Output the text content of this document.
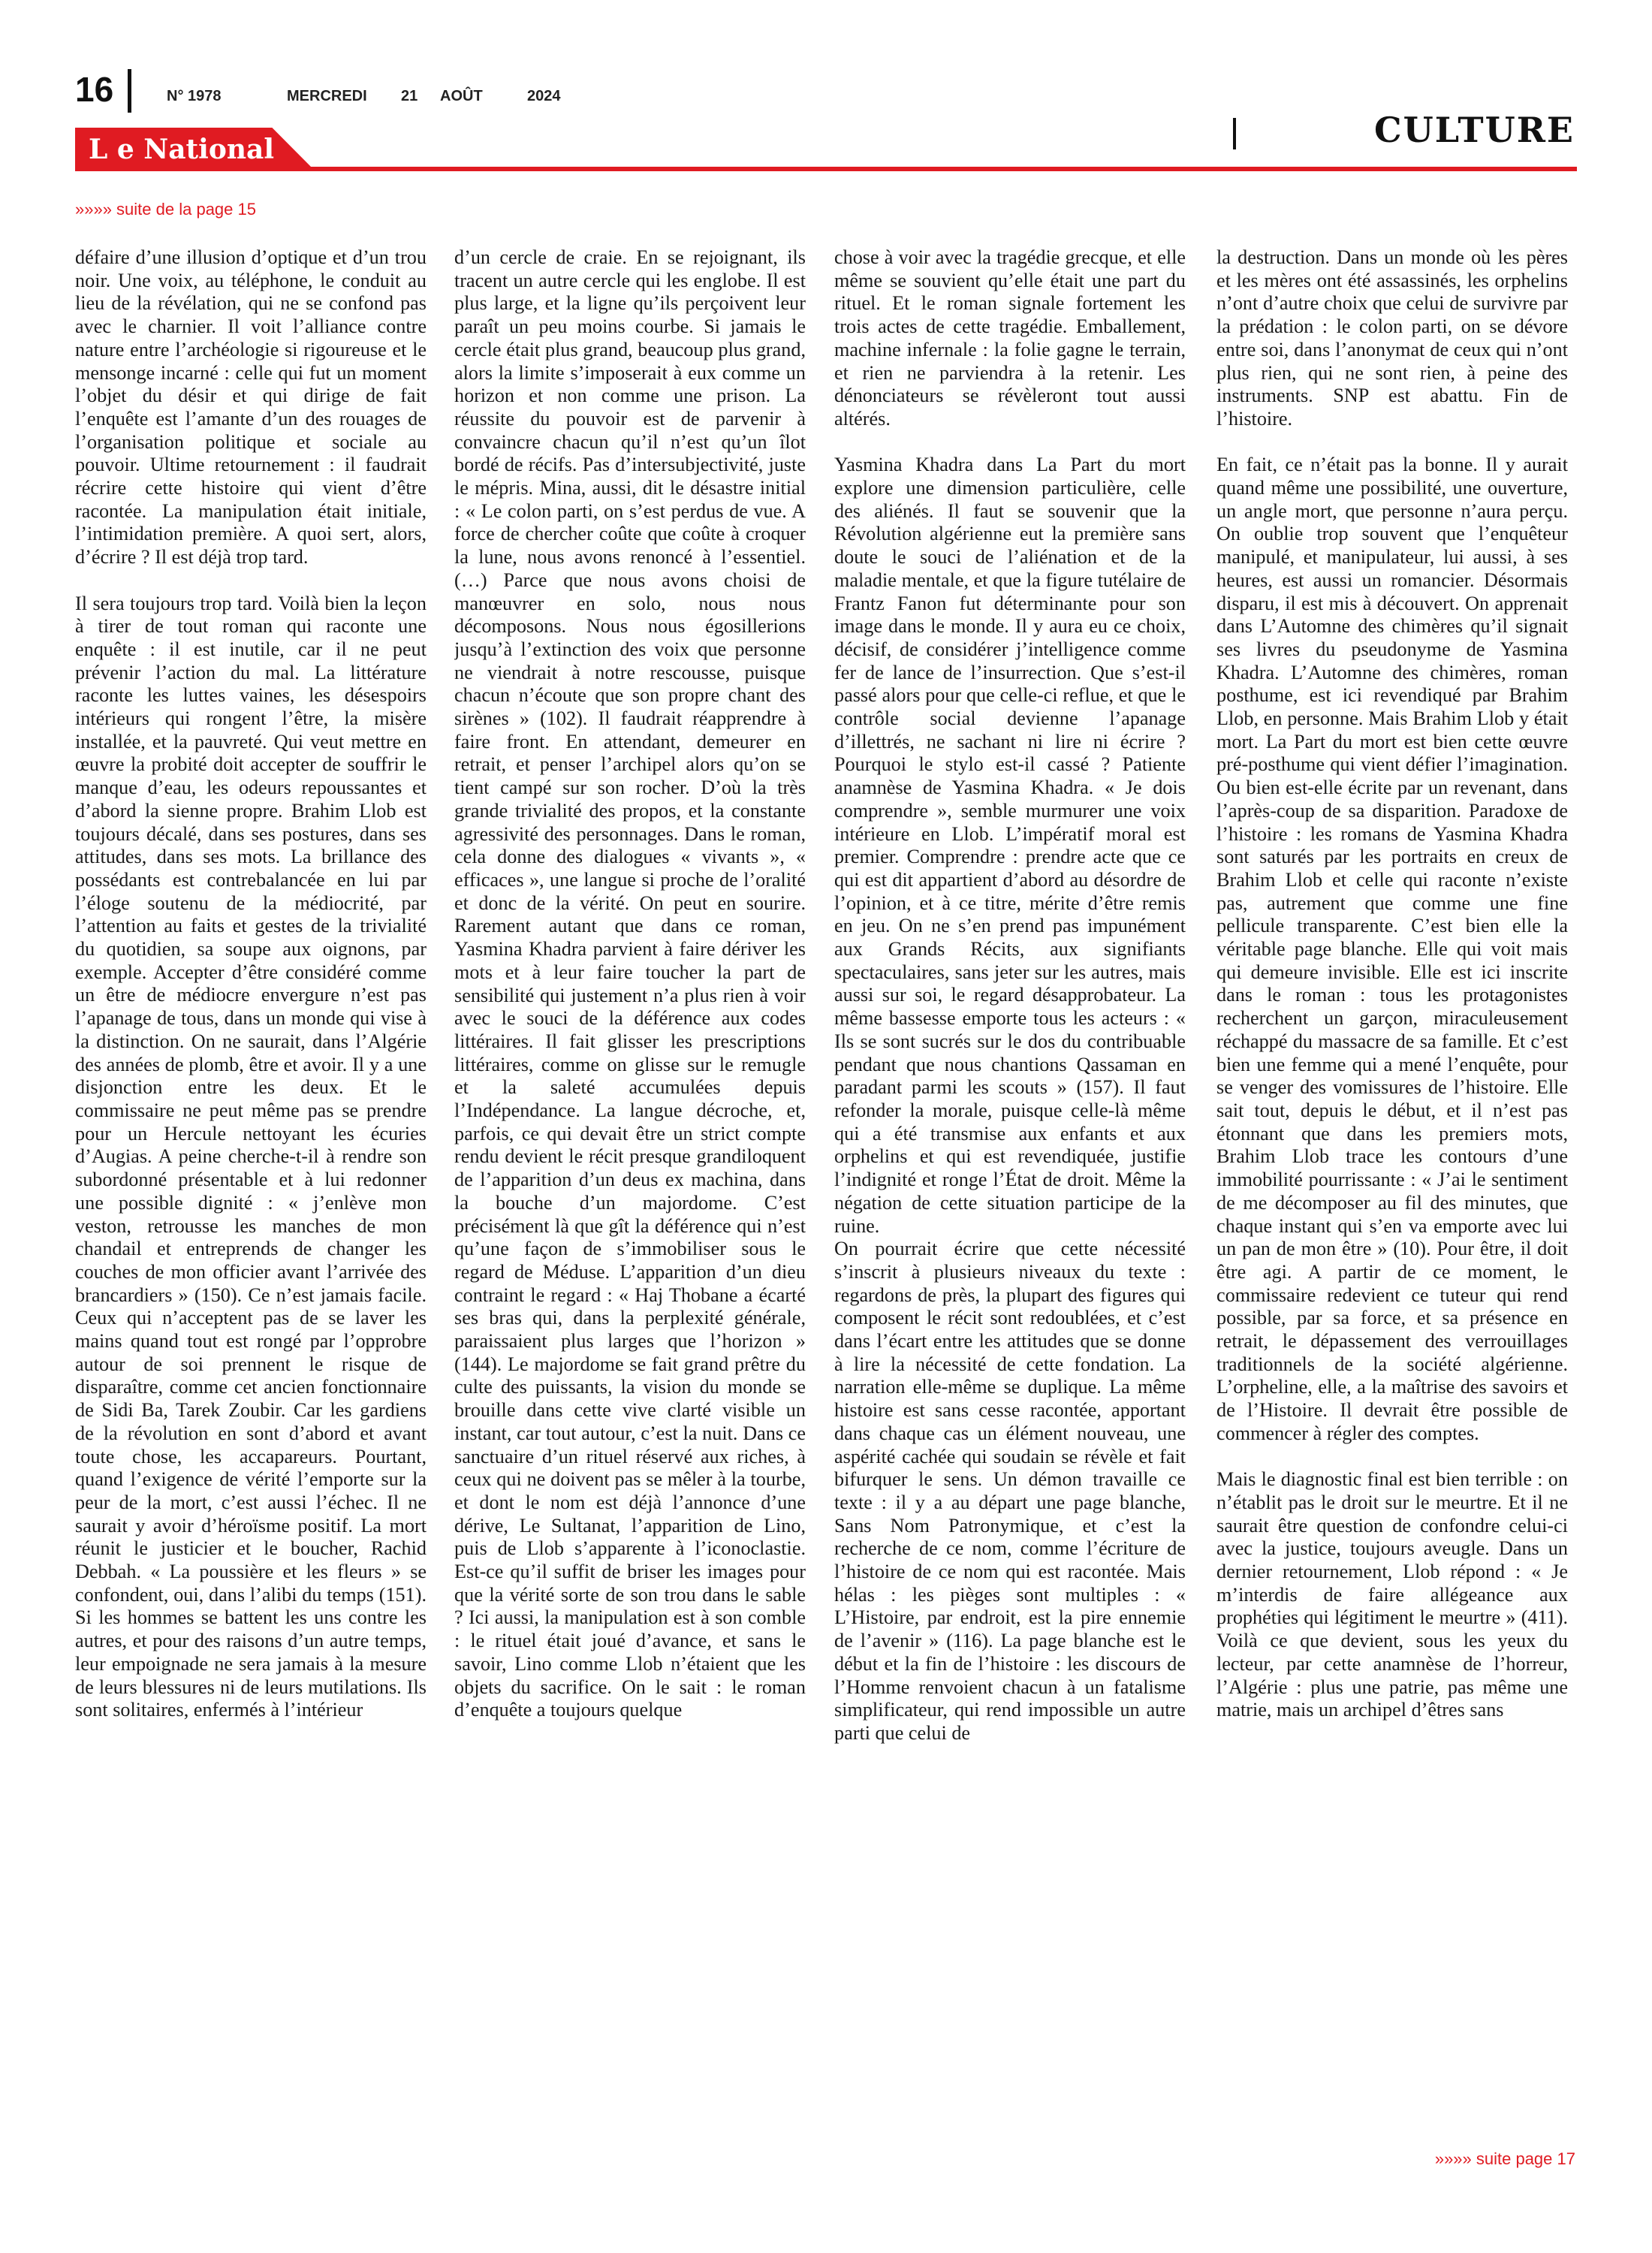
16	N° 1978	MERCREDI 21 AOÛT	2024
CULTURE
L e National
»»»» suite de la page 15

défaire d’une illusion d’optique et d’un trou noir. Une voix, au téléphone, le conduit au lieu de la révélation, qui ne se confond pas avec le charnier. Il voit l’alliance contre nature entre l’archéologie si rigoureuse et le mensonge incarné : celle qui fut un moment l’objet du désir et qui dirige de fait l’enquête est l’amante d’un des rouages de l’organisation politique et sociale au pouvoir. Ultime retournement : il faudrait récrire cette histoire qui vient d’être racontée. La manipulation était initiale, l’intimidation première. A quoi sert, alors, d’écrire ? Il est déjà trop tard.

Il sera toujours trop tard. Voilà bien la leçon à tirer de tout roman qui raconte une enquête : il est inutile, car il ne peut prévenir l’action du mal. La littérature raconte les luttes vaines, les désespoirs intérieurs qui rongent l’être, la misère installée, et la pauvreté. Qui veut mettre en œuvre la probité doit accepter de souffrir le manque d’eau, les odeurs repoussantes et d’abord la sienne propre. Brahim Llob est toujours décalé, dans ses postures, dans ses attitudes, dans ses mots. La brillance des possédants est contrebalancée en lui par l’éloge soutenu de la médiocrité, par l’attention au faits et gestes de la trivialité du quotidien, sa soupe aux oignons, par exemple. Accepter d’être considéré comme un être de médiocre envergure n’est pas l’apanage de tous, dans un monde qui vise à la distinction. On ne saurait, dans l’Algérie des années de plomb, être et avoir. Il y a une disjonction entre les deux. Et le commissaire ne peut même pas se prendre pour un Hercule nettoyant les écuries d’Augias. A peine cherche-t-il à rendre son subordonné présentable et à lui redonner une possible dignité : « j’enlève mon veston, retrousse les manches de mon chandail et entreprends de changer les couches de mon officier avant l’arrivée des brancardiers » (150). Ce n’est jamais facile. Ceux qui n’acceptent pas de se laver les mains quand tout est rongé par l’opprobre autour de soi prennent le risque de disparaître, comme cet ancien fonctionnaire de Sidi Ba, Tarek Zoubir. Car les gardiens de la révolution en sont d’abord et avant toute chose, les accapareurs. Pourtant, quand l’exigence de vérité l’emporte sur la peur de la mort, c’est aussi l’échec. Il ne saurait y avoir d’héroïsme positif. La mort réunit le justicier et le boucher, Rachid Debbah. « La poussière et les fleurs » se confondent, oui, dans l’alibi du temps (151). Si les hommes se battent les uns contre les autres, et pour des raisons d’un autre temps, leur empoignade ne sera jamais à la mesure de leurs blessures ni de leurs mutilations. Ils sont solitaires, enfermés à l’intérieur

d’un cercle de craie. En se rejoignant, ils tracent un autre cercle qui les englobe. Il est plus large, et la ligne qu’ils perçoivent leur paraît un peu moins courbe. Si jamais le cercle était plus grand, beaucoup plus grand, alors la limite s’imposerait à eux comme un horizon et non comme une prison. La réussite du pouvoir est de parvenir à convaincre chacun qu’il n’est qu’un îlot bordé de récifs. Pas d’intersubjectivité, juste le mépris. Mina, aussi, dit le désastre initial : « Le colon parti, on s’est perdus de vue. A force de chercher coûte que coûte à croquer la lune, nous avons renoncé à l’essentiel. (…) Parce que nous avons choisi de manœuvrer en solo, nous nous décomposons. Nous nous égosillerions jusqu’à l’extinction des voix que personne ne viendrait à notre rescousse, puisque chacun n’écoute que son propre chant des sirènes » (102). Il faudrait réapprendre à faire front. En attendant, demeurer en retrait, et penser l’archipel alors qu’on se tient campé sur son rocher. D’où la très grande trivialité des propos, et la constante agressivité des personnages. Dans le roman, cela donne des dialogues « vivants », « efficaces », une langue si proche de l’oralité et donc de la vérité. On peut en sourire. Rarement autant que dans ce roman, Yasmina Khadra parvient à faire dériver les mots et à leur faire toucher la part de sensibilité qui justement n’a plus rien à voir avec le souci de la déférence aux codes littéraires. Il fait glisser les prescriptions littéraires, comme on glisse sur le remugle et la saleté accumulées depuis l’Indépendance. La langue décroche, et, parfois, ce qui devait être un strict compte rendu devient le récit presque grandiloquent de l’apparition d’un deus ex machina, dans la bouche d’un majordome. C’est précisément là que gît la déférence qui n’est qu’une façon de s’immobiliser sous le regard de Méduse. L’apparition d’un dieu contraint le regard : « Haj Thobane a écarté ses bras qui, dans la perplexité générale, paraissaient plus larges que l’horizon » (144). Le majordome se fait grand prêtre du culte des puissants, la vision du monde se brouille dans cette vive clarté visible un instant, car tout autour, c’est la nuit. Dans ce sanctuaire d’un rituel réservé aux riches, à ceux qui ne doivent pas se mêler à la tourbe, et dont le nom est déjà l’annonce d’une dérive, Le Sultanat, l’apparition de Lino, puis de Llob s’apparente à l’iconoclastie. Est-ce qu’il suffit de briser les images pour que la vérité sorte de son trou dans le sable ? Ici aussi, la manipulation est à son comble : le rituel était joué d’avance, et sans le savoir, Lino comme Llob n’étaient que les objets du sacrifice. On le sait : le roman d’enquête a toujours quelque

chose à voir avec la tragédie grecque, et elle même se souvient qu’elle était une part du rituel. Et le roman signale fortement les trois actes de cette tragédie. Emballement, machine infernale : la folie gagne le terrain, et rien ne parviendra à la retenir. Les dénonciateurs se révèleront tout aussi altérés.

Yasmina Khadra dans La Part du mort explore une dimension particulière, celle des aliénés. Il faut se souvenir que la Révolution algérienne eut la première sans doute le souci de l’aliénation et de la maladie mentale, et que la figure tutélaire de Frantz Fanon fut déterminante pour son image dans le monde. Il y aura eu ce choix, décisif, de considérer j’intelligence comme fer de lance de l’insurrection. Que s’est-il passé alors pour que celle-ci reflue, et que le contrôle social devienne l’apanage d’illettrés, ne sachant ni lire ni écrire ? Pourquoi le stylo est-il cassé ? Patiente anamnèse de Yasmina Khadra. « Je dois comprendre », semble murmurer une voix intérieure en Llob. L’impératif moral est premier. Comprendre : prendre acte que ce qui est dit appartient d’abord au désordre de l’opinion, et à ce titre, mérite d’être remis en jeu. On ne s’en prend pas impunément aux Grands Récits, aux signifiants spectaculaires, sans jeter sur les autres, mais aussi sur soi, le regard désapprobateur. La même bassesse emporte tous les acteurs : « Ils se sont sucrés sur le dos du contribuable pendant que nous chantions Qassaman en paradant parmi les scouts » (157). Il faut refonder la morale, puisque celle-là même qui a été transmise aux enfants et aux orphelins et qui est revendiquée, justifie l’indignité et ronge l’État de droit. Même la négation de cette situation participe de la ruine.

On pourrait écrire que cette nécessité s’inscrit à plusieurs niveaux du texte : regardons de près, la plupart des figures qui composent le récit sont redoublées, et c’est dans l’écart entre les attitudes que se donne à lire la nécessité de cette fondation. La narration elle-même se duplique. La même histoire est sans cesse racontée, apportant dans chaque cas un élément nouveau, une aspérité cachée qui soudain se révèle et fait bifurquer le sens. Un démon travaille ce texte : il y a au départ une page blanche, Sans Nom Patronymique, et c’est la recherche de ce nom, comme l’écriture de l’histoire de ce nom qui est racontée. Mais hélas : les pièges sont multiples : « L’Histoire, par endroit, est la pire ennemie de l’avenir » (116). La page blanche est le début et la fin de l’histoire : les discours de l’Homme renvoient chacun à un fatalisme simplificateur, qui rend impossible un autre parti que celui de

la destruction. Dans un monde où les pères et les mères ont été assassinés, les orphelins n’ont d’autre choix que celui de survivre par la prédation : le colon parti, on se dévore entre soi, dans l’anonymat de ceux qui n’ont plus rien, qui ne sont rien, à peine des instruments. SNP est abattu. Fin de l’histoire.

En fait, ce n’était pas la bonne. Il y aurait quand même une possibilité, une ouverture, un angle mort, que personne n’aura perçu. On oublie trop souvent que l’enquêteur manipulé, et manipulateur, lui aussi, à ses heures, est aussi un romancier. Désormais disparu, il est mis à découvert. On apprenait dans L’Automne des chimères qu’il signait ses livres du pseudonyme de Yasmina Khadra. L’Automne des chimères, roman posthume, est ici revendiqué par Brahim Llob, en personne. Mais Brahim Llob y était mort. La Part du mort est bien cette œuvre pré-posthume qui vient défier l’imagination. Ou bien est-elle écrite par un revenant, dans l’après-coup de sa disparition. Paradoxe de l’histoire : les romans de Yasmina Khadra sont saturés par les portraits en creux de Brahim Llob et celle qui raconte n’existe pas, autrement que comme une fine pellicule transparente. C’est bien elle la véritable page blanche. Elle qui voit mais qui demeure invisible. Elle est ici inscrite dans le roman : tous les protagonistes recherchent un garçon, miraculeusement réchappé du massacre de sa famille. Et c’est bien une femme qui a mené l’enquête, pour se venger des vomissures de l’histoire. Elle sait tout, depuis le début, et il n’est pas étonnant que dans les premiers mots, Brahim Llob trace les contours d’une immobilité pourrissante : « J’ai le sentiment de me décomposer au fil des minutes, que chaque instant qui s’en va emporte avec lui un pan de mon être » (10). Pour être, il doit être agi. A partir de ce moment, le commissaire redevient ce tuteur qui rend possible, par sa force, et sa présence en retrait, le dépassement des verrouillages traditionnels de la société algérienne. L’orpheline, elle, a la maîtrise des savoirs et de l’Histoire. Il devrait être possible de commencer à régler des comptes.

Mais le diagnostic final est bien terrible : on n’établit pas le droit sur le meurtre. Et il ne saurait être question de confondre celui-ci avec la justice, toujours aveugle. Dans un dernier retournement, Llob répond : « Je m’interdis de faire allégeance aux prophéties qui légitiment le meurtre » (411). Voilà ce que devient, sous les yeux du lecteur, par cette anamnèse de l’horreur, l’Algérie : plus une patrie, pas même une matrie, mais un archipel d’êtres sans

»»»» suite page 17
